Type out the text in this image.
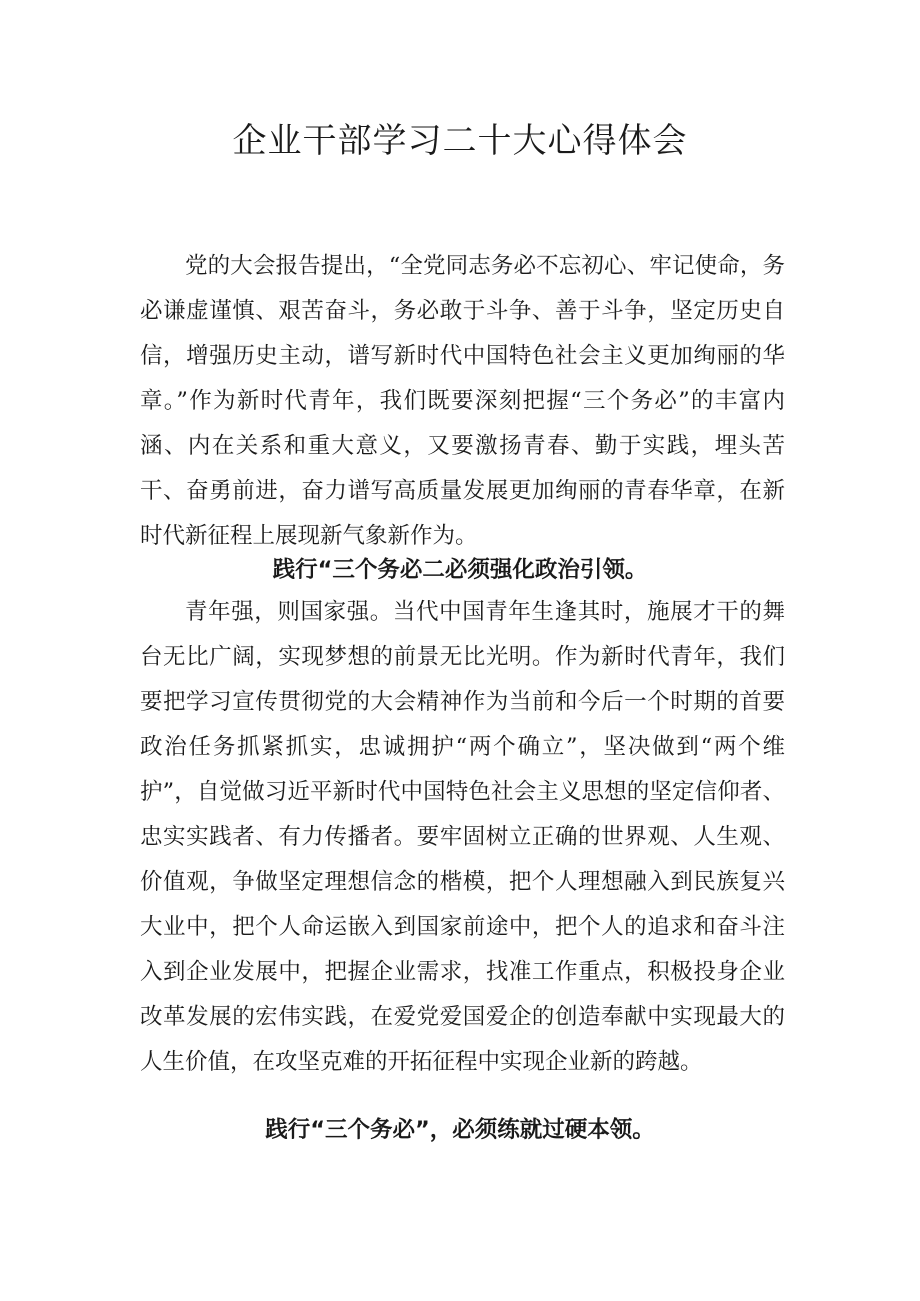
企业干部学习二十大心得体会

党的大会报告提出，“全党同志务必不忘初心、牢记使命，务必谦虚谨慎、艰苦奋斗，务必敢于斗争、善于斗争，坚定历史自信，增强历史主动，谱写新时代中国特色社会主义更加绚丽的华章。”作为新时代青年，我们既要深刻把握“三个务必”的丰富内涵、内在关系和重大意义，又要激扬青春、勤于实践，埋头苦干、奋勇前进，奋力谱写高质量发展更加绚丽的青春华章，在新时代新征程上展现新气象新作为。

践行“三个务必二必须强化政治引领。

青年强，则国家强。当代中国青年生逢其时，施展才干的舞台无比广阔，实现梦想的前景无比光明。作为新时代青年，我们要把学习宣传贯彻党的大会精神作为当前和今后一个时期的首要政治任务抓紧抓实，忠诚拥护“两个确立”，坚决做到“两个维护”，自觉做习近平新时代中国特色社会主义思想的坚定信仰者、忠实实践者、有力传播者。要牢固树立正确的世界观、人生观、价值观，争做坚定理想信念的楷模，把个人理想融入到民族复兴大业中，把个人命运嵌入到国家前途中，把个人的追求和奋斗注入到企业发展中，把握企业需求，找准工作重点，积极投身企业改革发展的宏伟实践，在爱党爱国爱企的创造奉献中实现最大的人生价值，在攻坚克难的开拓征程中实现企业新的跨越。

践行“三个务必”，必须练就过硬本领。
